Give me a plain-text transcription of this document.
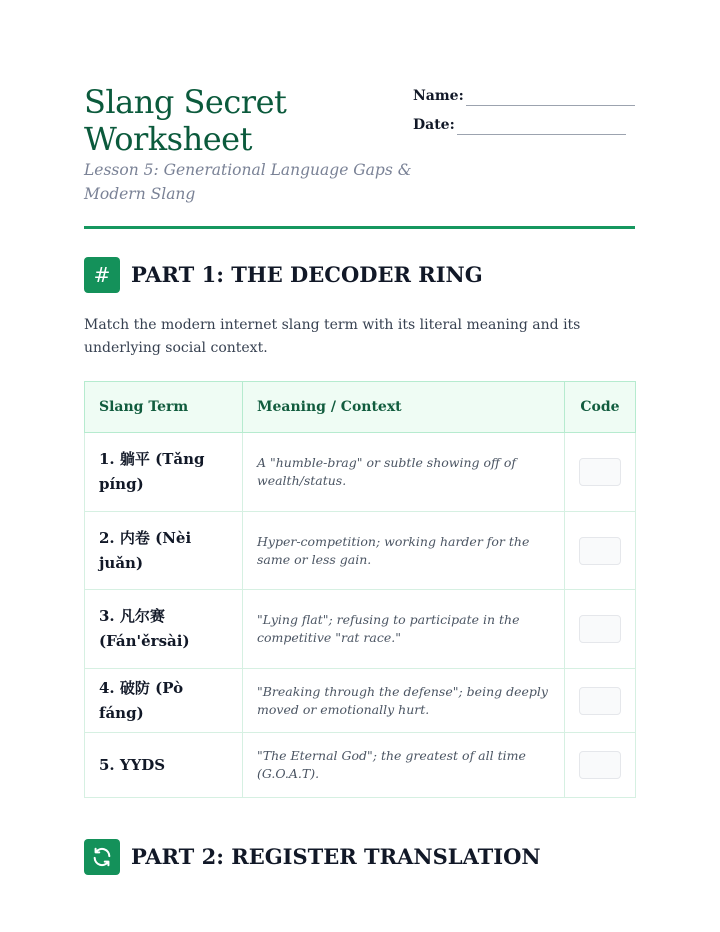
Slang Secret Worksheet
Lesson 5: Generational Language Gaps & Modern Slang
Name:
Date:
# PART 1: THE DECODER RING

Match the modern internet slang term with its literal meaning and its underlying social context.

Slang Term	Meaning / Context	Code
1. 躺平 (Tǎng píng)	A "humble-brag" or subtle showing off of wealth/status.	
2. 内卷 (Nèi juǎn)	Hyper-competition; working harder for the same or less gain.	
3. 凡尔赛 (Fán'ěrsài)	"Lying flat"; refusing to participate in the competitive "rat race."	
4. 破防 (Pò fáng)	"Breaking through the defense"; being deeply moved or emotionally hurt.	
5. YYDS	"The Eternal God"; the greatest of all time (G.O.A.T).	
PART 2: REGISTER TRANSLATION
